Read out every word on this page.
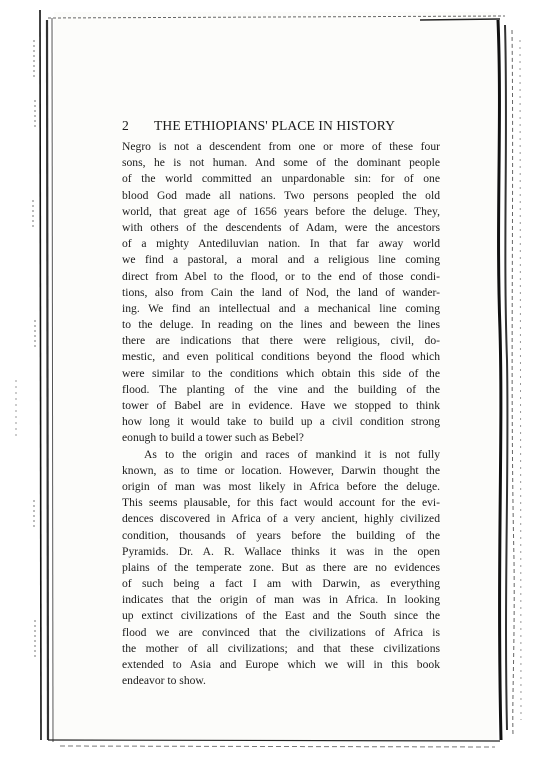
2 THE ETHIOPIANS' PLACE IN HISTORY
Negro is not a descendent from one or more of these four
sons, he is not human. And some of the dominant people
of the world committed an unpardonable sin: for of one
blood God made all nations. Two persons peopled the old
world, that great age of 1656 years before the deluge. They,
with others of the descendents of Adam, were the ancestors
of a mighty Antediluvian nation. In that far away world
we find a pastoral, a moral and a religious line coming
direct from Abel to the flood, or to the end of those condi-
tions, also from Cain the land of Nod, the land of wander-
ing. We find an intellectual and a mechanical line coming
to the deluge. In reading on the lines and beween the lines
there are indications that there were religious, civil, do-
mestic, and even political conditions beyond the flood which
were similar to the conditions which obtain this side of the
flood. The planting of the vine and the building of the
tower of Babel are in evidence. Have we stopped to think
how long it would take to build up a civil condition strong
eonugh to build a tower such as Bebel?
As to the origin and races of mankind it is not fully
known, as to time or location. However, Darwin thought the
origin of man was most likely in Africa before the deluge.
This seems plausable, for this fact would account for the evi-
dences discovered in Africa of a very ancient, highly civilized
condition, thousands of years before the building of the
Pyramids. Dr. A. R. Wallace thinks it was in the open
plains of the temperate zone. But as there are no evidences
of such being a fact I am with Darwin, as everything
indicates that the origin of man was in Africa. In looking
up extinct civilizations of the East and the South since the
flood we are convinced that the civilizations of Africa is
the mother of all civilizations; and that these civilizations
extended to Asia and Europe which we will in this book
endeavor to show.
